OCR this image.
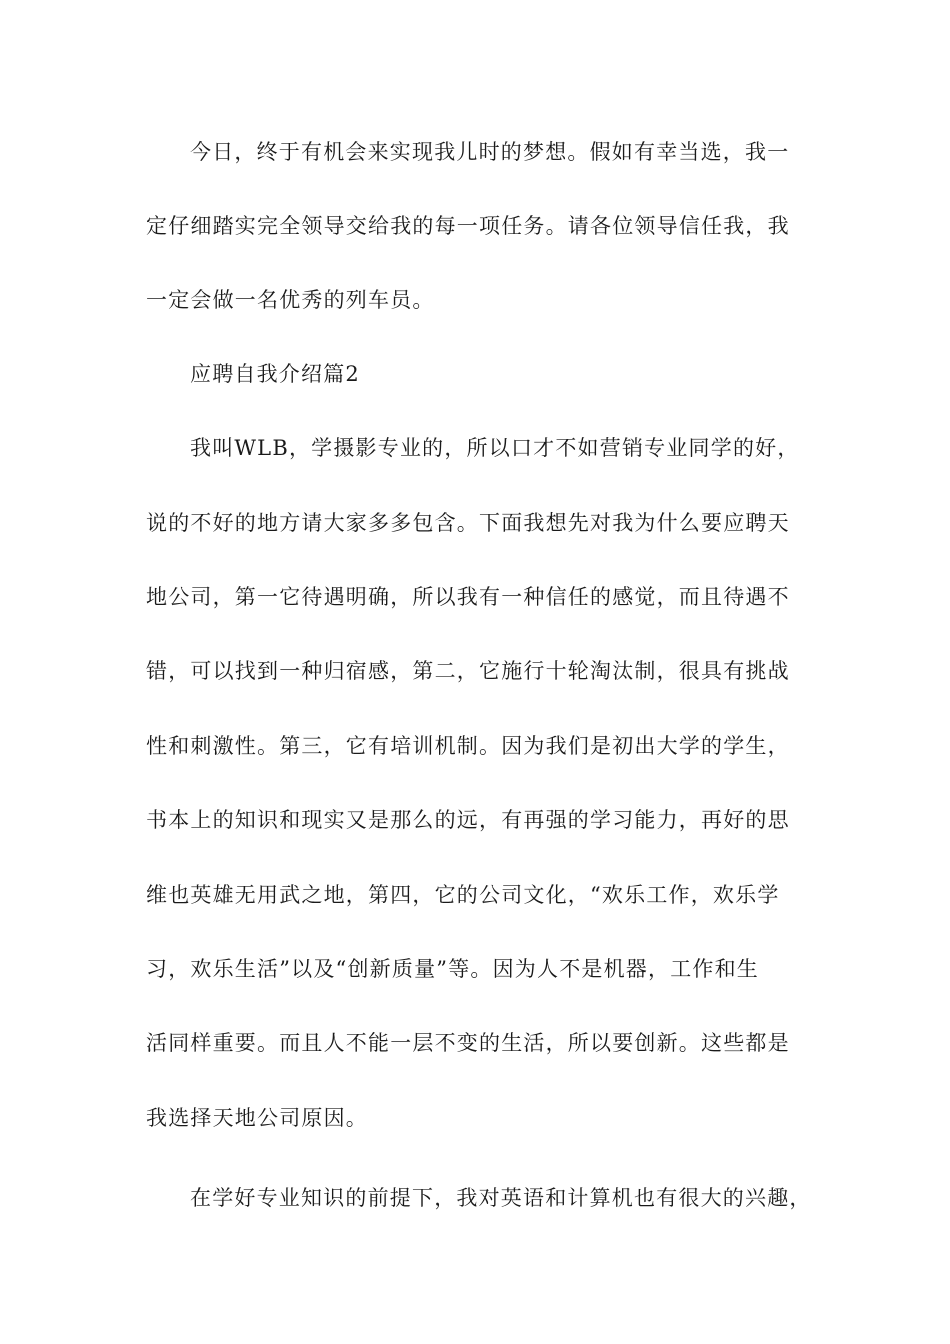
今日，终于有机会来实现我儿时的梦想。假如有幸当选，我一
定仔细踏实完全领导交给我的每一项任务。请各位领导信任我，我
一定会做一名优秀的列车员。
应聘自我介绍篇2
我叫WLB，学摄影专业的，所以口才不如营销专业同学的好，
说的不好的地方请大家多多包含。下面我想先对我为什么要应聘天
地公司，第一它待遇明确，所以我有一种信任的感觉，而且待遇不
错，可以找到一种归宿感，第二，它施行十轮淘汰制，很具有挑战
性和刺激性。第三，它有培训机制。因为我们是初出大学的学生，
书本上的知识和现实又是那么的远，有再强的学习能力，再好的思
维也英雄无用武之地，第四，它的公司文化，“欢乐工作，欢乐学
习，欢乐生活”以及“创新质量”等。因为人不是机器，工作和生
活同样重要。而且人不能一层不变的生活，所以要创新。这些都是
我选择天地公司原因。
在学好专业知识的前提下，我对英语和计算机也有很大的兴趣，
